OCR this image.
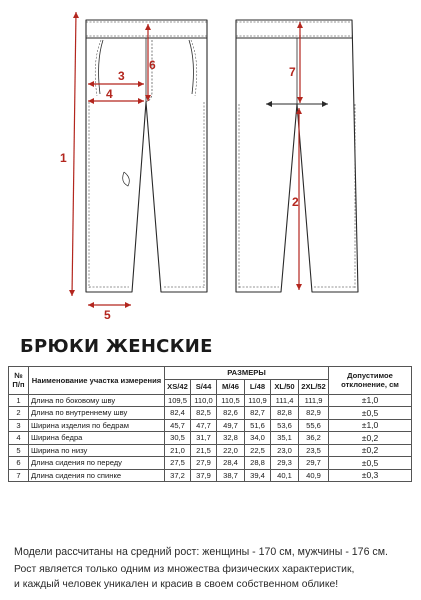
1
2
3
4
5
6	7
БРЮКИ ЖЕНСКИЕ
№
П/п	Наименование участка измерения	РАЗМЕРЫ						Допустимое
отклонение, см
		XS/42	S/44	M/46	L/48	XL/50	2XL/52	
1	Длина по боковому шву	109,5	110,0	110,5	110,9	111,4	111,9	±1,0
2	Длина по внутреннему шву	82,4	82,5	82,6	82,7	82,8	82,9	±0,5
3	Ширина изделия по бедрам	45,7	47,7	49,7	51,6	53,6	55,6	±1,0
4	Ширина бедра	30,5	31,7	32,8	34,0	35,1	36,2	±0,2
5	Ширина по низу	21,0	21,5	22,0	22,5	23,0	23,5	±0,2
6	Длина сидения по переду	27,5	27,9	28,4	28,8	29,3	29,7	±0,5
7	Длина сидения по спинке	37,2	37,9	38,7	39,4	40,1	40,9	±0,3
Модели рассчитаны на средний рост: женщины - 170 см, мужчины - 176 см.
Рост является только одним из множества физических характеристик,
и каждый человек уникален и красив в своем собственном облике!
